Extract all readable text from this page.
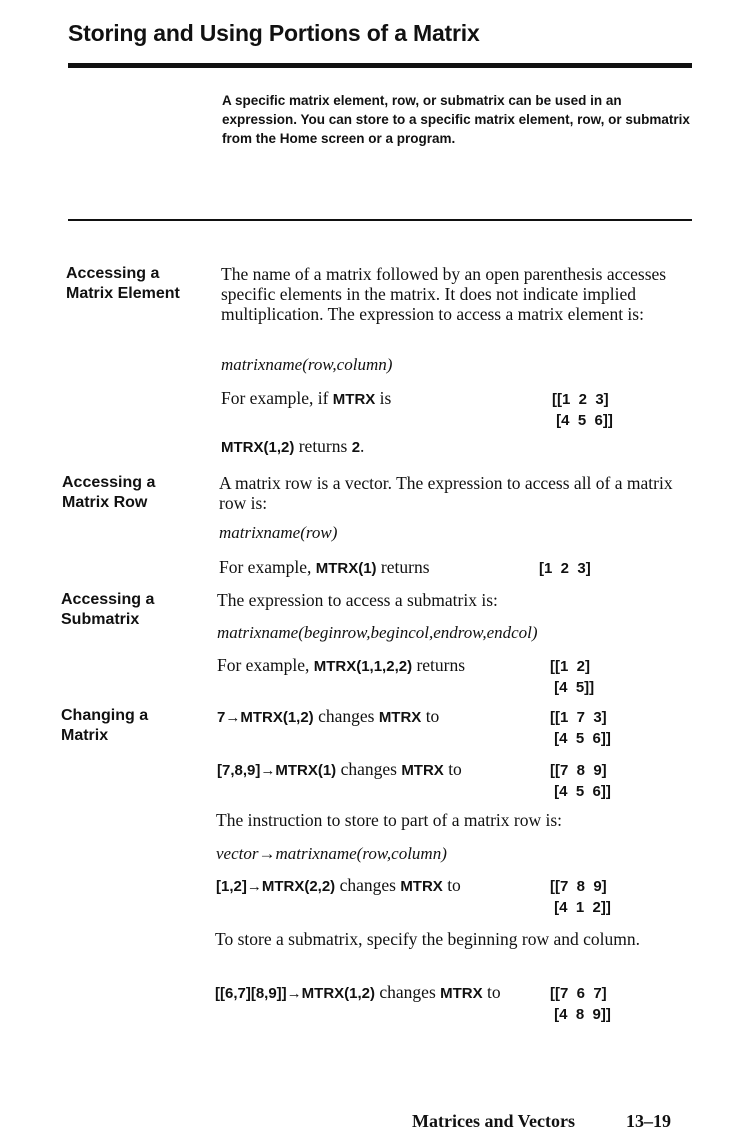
Storing and Using Portions of a Matrix
A specific matrix element, row, or submatrix can be used in an expression. You can store to a specific matrix element, row, or submatrix from the Home screen or a program.
Accessing a
Matrix Element
The name of a matrix followed by an open parenthesis accesses specific elements in the matrix. It does not indicate implied multiplication. The expression to access a matrix element is:
matrixname(row,column)
For example, if MTRX is	[[1  2  3]
[4  5  6]]
MTRX(1,2) returns 2.
Accessing a
Matrix Row
A matrix row is a vector. The expression to access all of a matrix row is:
matrixname(row)
For example, MTRX(1) returns	[1  2  3]
Accessing a
Submatrix
The expression to access a submatrix is:
matrixname(beginrow,begincol,endrow,endcol)
For example, MTRX(1,1,2,2) returns	[[1  2]
[4  5]]
Changing a
Matrix
7→MTRX(1,2) changes MTRX to	[[1  7  3]
[4  5  6]]
[7,8,9]→MTRX(1) changes MTRX to	[[7  8  9]
[4  5  6]]
The instruction to store to part of a matrix row is:
vector→matrixname(row,column)
[1,2]→MTRX(2,2) changes MTRX to	[[7  8  9]
[4  1  2]]
To store a submatrix, specify the beginning row and column.
[[6,7][8,9]]→MTRX(1,2) changes MTRX to	[[7  6  7]
[4  8  9]]
Matrices and Vectors	13–19
